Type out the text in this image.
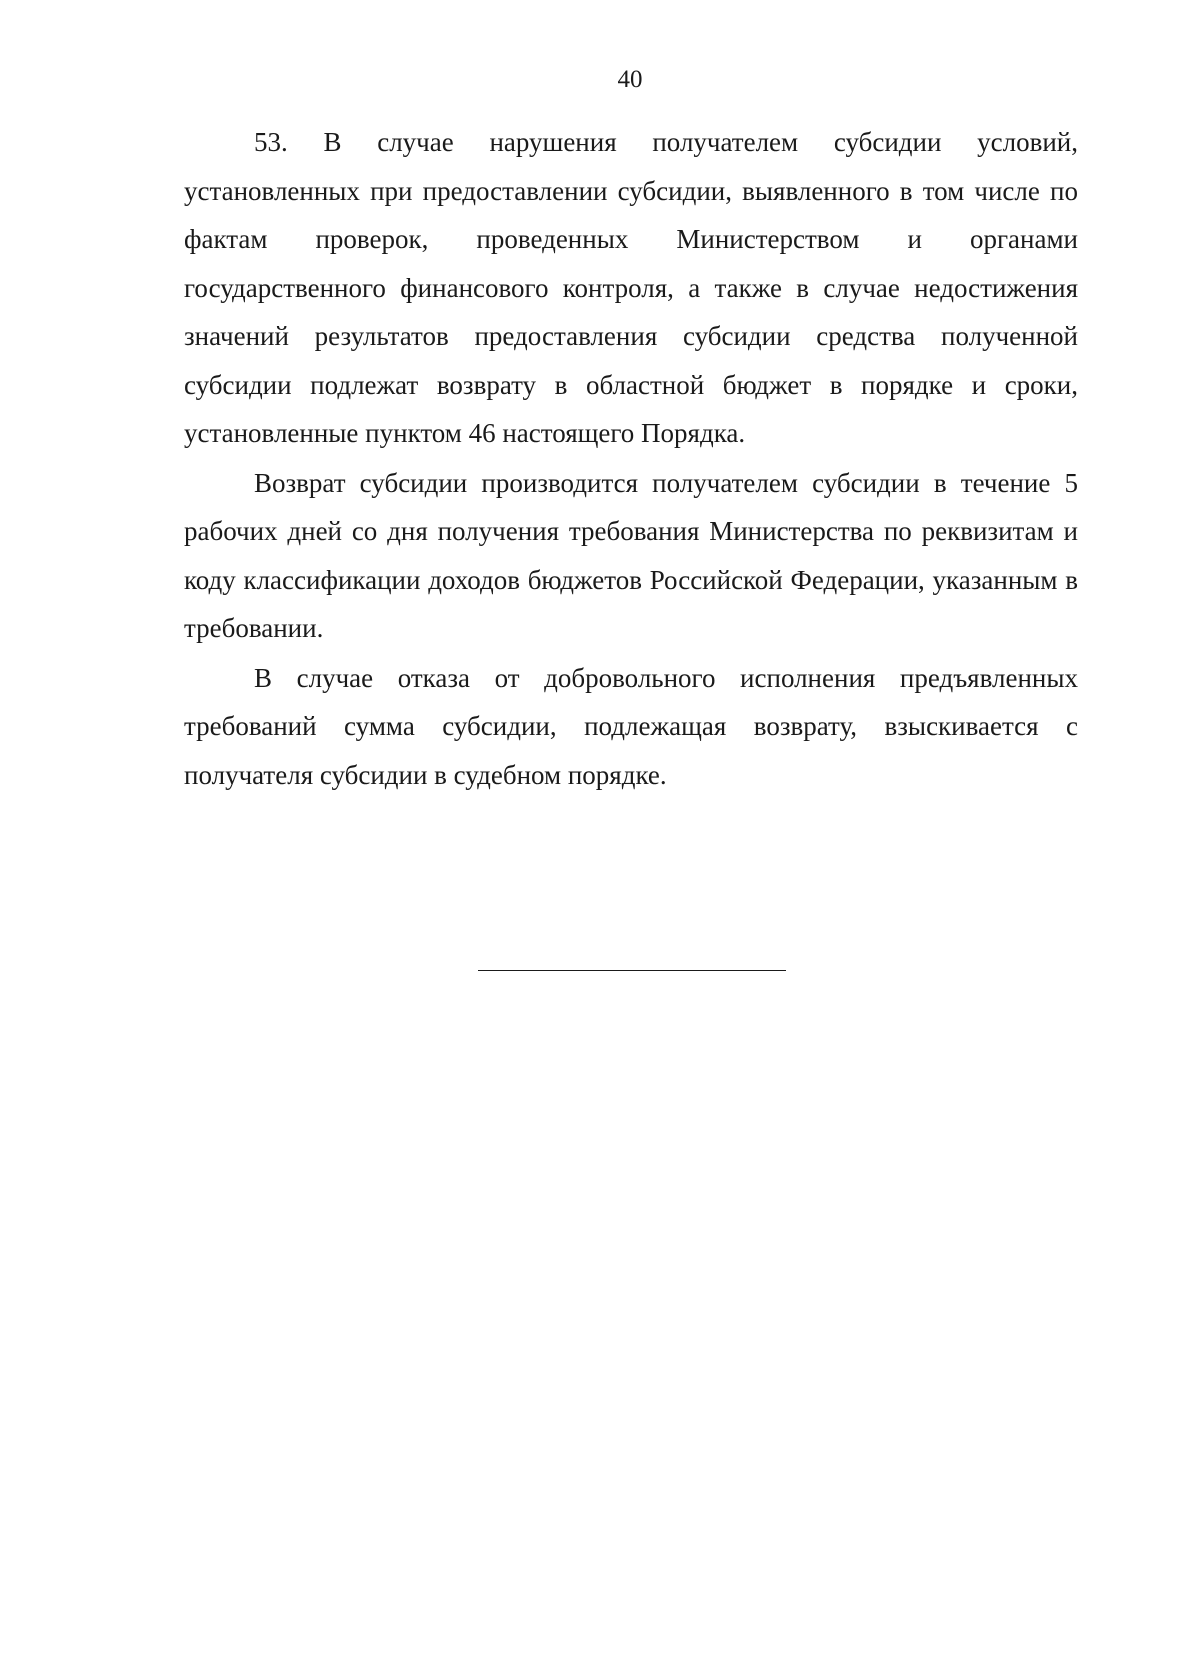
40

53. В случае нарушения получателем субсидии условий, установленных при предоставлении субсидии, выявленного в том числе по фактам проверок, проведенных Министерством и органами государственного финансового контроля, а также в случае недостижения значений результатов предоставления субсидии средства полученной субсидии подлежат возврату в областной бюджет в порядке и сроки, установленные пунктом 46 настоящего Порядка.

Возврат субсидии производится получателем субсидии в течение 5 рабочих дней со дня получения требования Министерства по реквизитам и коду классификации доходов бюджетов Российской Федерации, указанным в требовании.

В случае отказа от добровольного исполнения предъявленных требований сумма субсидии, подлежащая возврату, взыскивается с получателя субсидии в судебном порядке.
